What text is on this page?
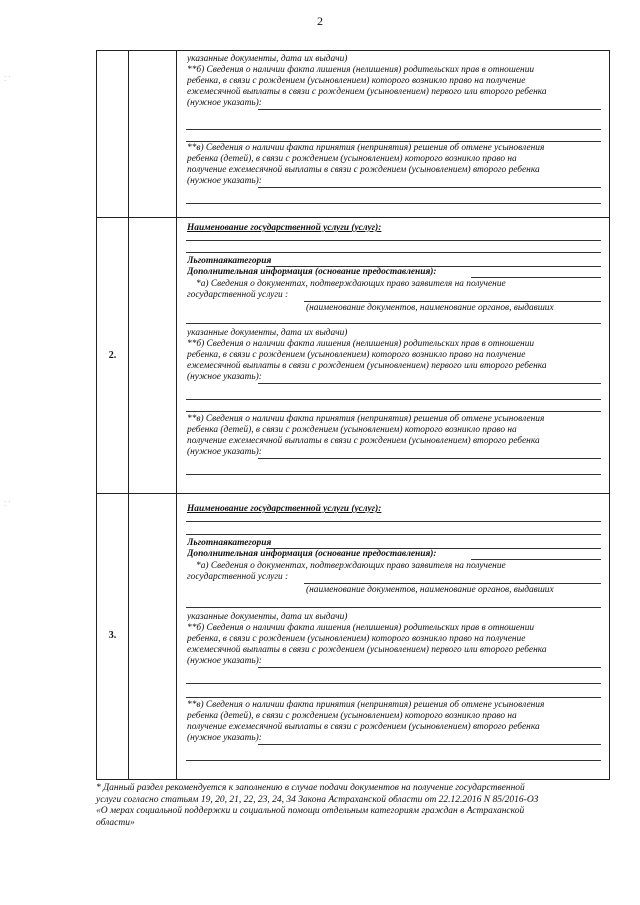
2
указанные документы, дата их выдачи)
**б) Сведения о наличии факта лишения (нелишения) родительских прав в отношении
ребенка, в связи с рождением (усыновлением) которого возникло право на получение
ежемесячной выплаты в связи с рождением (усыновлением) первого или второго ребенка
(нужное указать):
**в) Сведения о наличии факта принятия (непринятия) решения об отмене усыновления
ребенка (детей), в связи с рождением (усыновлением) которого возникло право на
получение ежемесячной выплаты в связи с рождением (усыновлением) второго ребенка
(нужное указать):
2.
Наименование государственной услуги (услуг):
Льготнаякатегория
Дополнительная информация (основание предоставления):
*а) Сведения о документах, подтверждающих право заявителя на получение
государственной услуги :
(наименование документов, наименование органов, выдавших
указанные документы, дата их выдачи)
**б) Сведения о наличии факта лишения (нелишения) родительских прав в отношении
ребенка, в связи с рождением (усыновлением) которого возникло право на получение
ежемесячной выплаты в связи с рождением (усыновлением) первого или второго ребенка
(нужное указать):
**в) Сведения о наличии факта принятия (непринятия) решения об отмене усыновления
ребенка (детей), в связи с рождением (усыновлением) которого возникло право на
получение ежемесячной выплаты в связи с рождением (усыновлением) второго ребенка
(нужное указать):
3.
Наименование государственной услуги (услуг):
Льготнаякатегория
Дополнительная информация (основание предоставления):
*а) Сведения о документах, подтверждающих право заявителя на получение
государственной услуги :
(наименование документов, наименование органов, выдавших
указанные документы, дата их выдачи)
**б) Сведения о наличии факта лишения (нелишения) родительских прав в отношении
ребенка, в связи с рождением (усыновлением) которого возникло право на получение
ежемесячной выплаты в связи с рождением (усыновлением) первого или второго ребенка
(нужное указать):
**в) Сведения о наличии факта принятия (непринятия) решения об отмене усыновления
ребенка (детей), в связи с рождением (усыновлением) которого возникло право на
получение ежемесячной выплаты в связи с рождением (усыновлением) второго ребенка
(нужное указать):
* Данный раздел рекомендуется к заполнению в случае подачи документов на получение государственной
услуги согласно статьям 19, 20, 21, 22, 23, 24, 34 Закона Астраханской области от 22.12.2016 N 85/2016-ОЗ
«О мерах социальной поддержки и социальной помощи отдельным категориям граждан в Астраханской
области»
· · ·
· · ·
